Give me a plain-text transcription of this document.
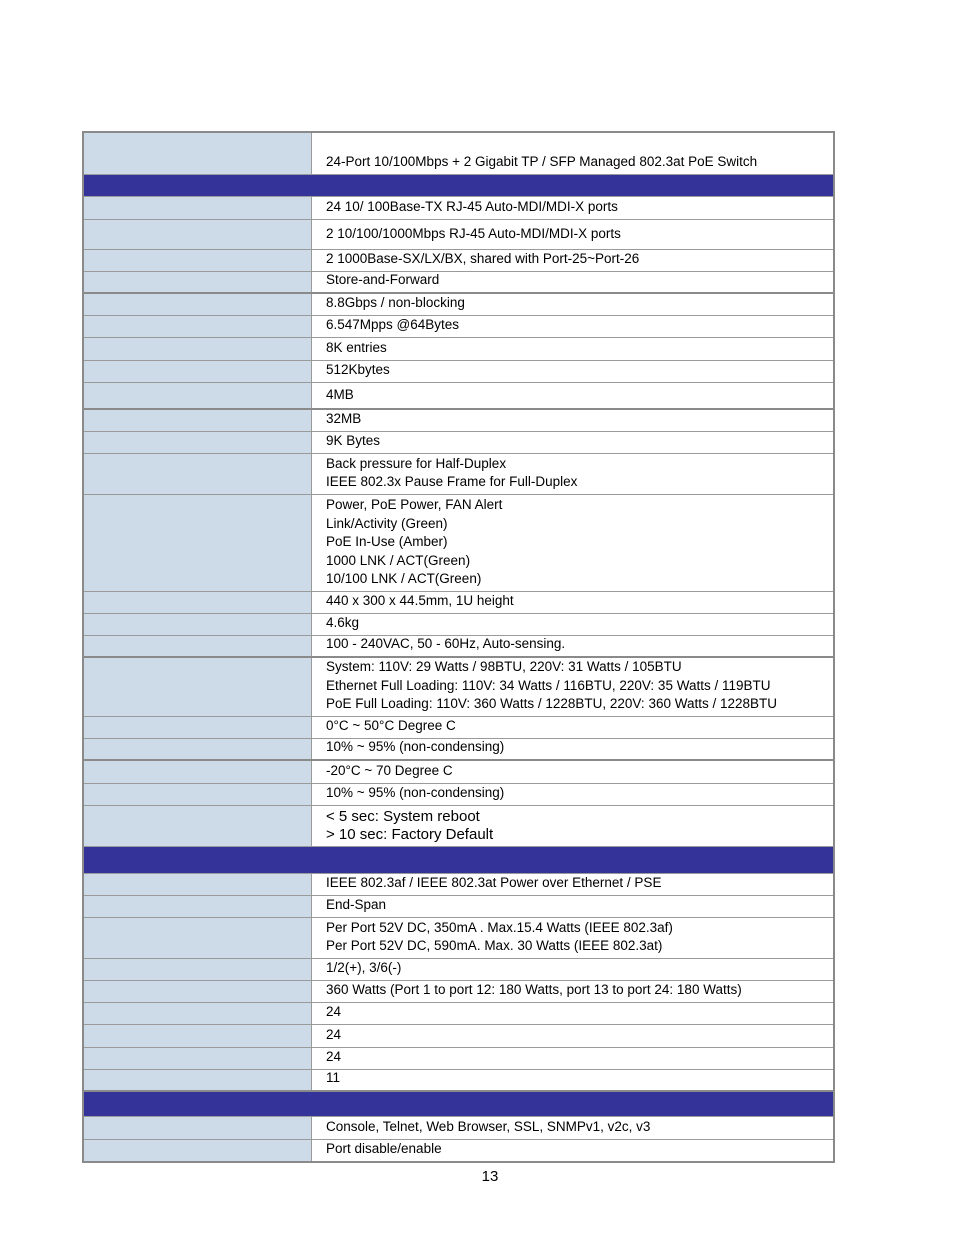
24-Port 10/100Mbps + 2 Gigabit TP / SFP Managed 802.3at PoE Switch
24 10/ 100Base-TX RJ-45 Auto-MDI/MDI-X ports
2 10/100/1000Mbps RJ-45 Auto-MDI/MDI-X ports
2 1000Base-SX/LX/BX, shared with Port-25~Port-26
Store-and-Forward
8.8Gbps / non-blocking
6.547Mpps @64Bytes
8K entries
512Kbytes
4MB
32MB
9K Bytes
Back pressure for Half-Duplex
IEEE 802.3x Pause Frame for Full-Duplex
Power, PoE Power, FAN Alert
Link/Activity (Green)
PoE In-Use (Amber)
1000 LNK / ACT(Green)
10/100 LNK / ACT(Green)
440 x 300 x 44.5mm, 1U height
4.6kg
100 - 240VAC, 50 - 60Hz, Auto-sensing.
System: 110V: 29 Watts / 98BTU, 220V: 31 Watts / 105BTU
Ethernet Full Loading: 110V: 34 Watts / 116BTU, 220V: 35 Watts / 119BTU
PoE Full Loading: 110V: 360 Watts / 1228BTU, 220V: 360 Watts / 1228BTU
0°C ~ 50°C Degree C
10% ~ 95% (non-condensing)
-20°C ~ 70 Degree C
10% ~ 95% (non-condensing)
< 5 sec: System reboot
> 10 sec: Factory Default
IEEE 802.3af / IEEE 802.3at Power over Ethernet / PSE
End-Span
Per Port 52V DC, 350mA . Max.15.4 Watts (IEEE 802.3af)
Per Port 52V DC, 590mA. Max. 30 Watts (IEEE 802.3at)
1/2(+), 3/6(-)
360 Watts (Port 1 to port 12: 180 Watts, port 13 to port 24: 180 Watts)
24
24
24
11
Console, Telnet, Web Browser, SSL, SNMPv1, v2c, v3
Port disable/enable
13
